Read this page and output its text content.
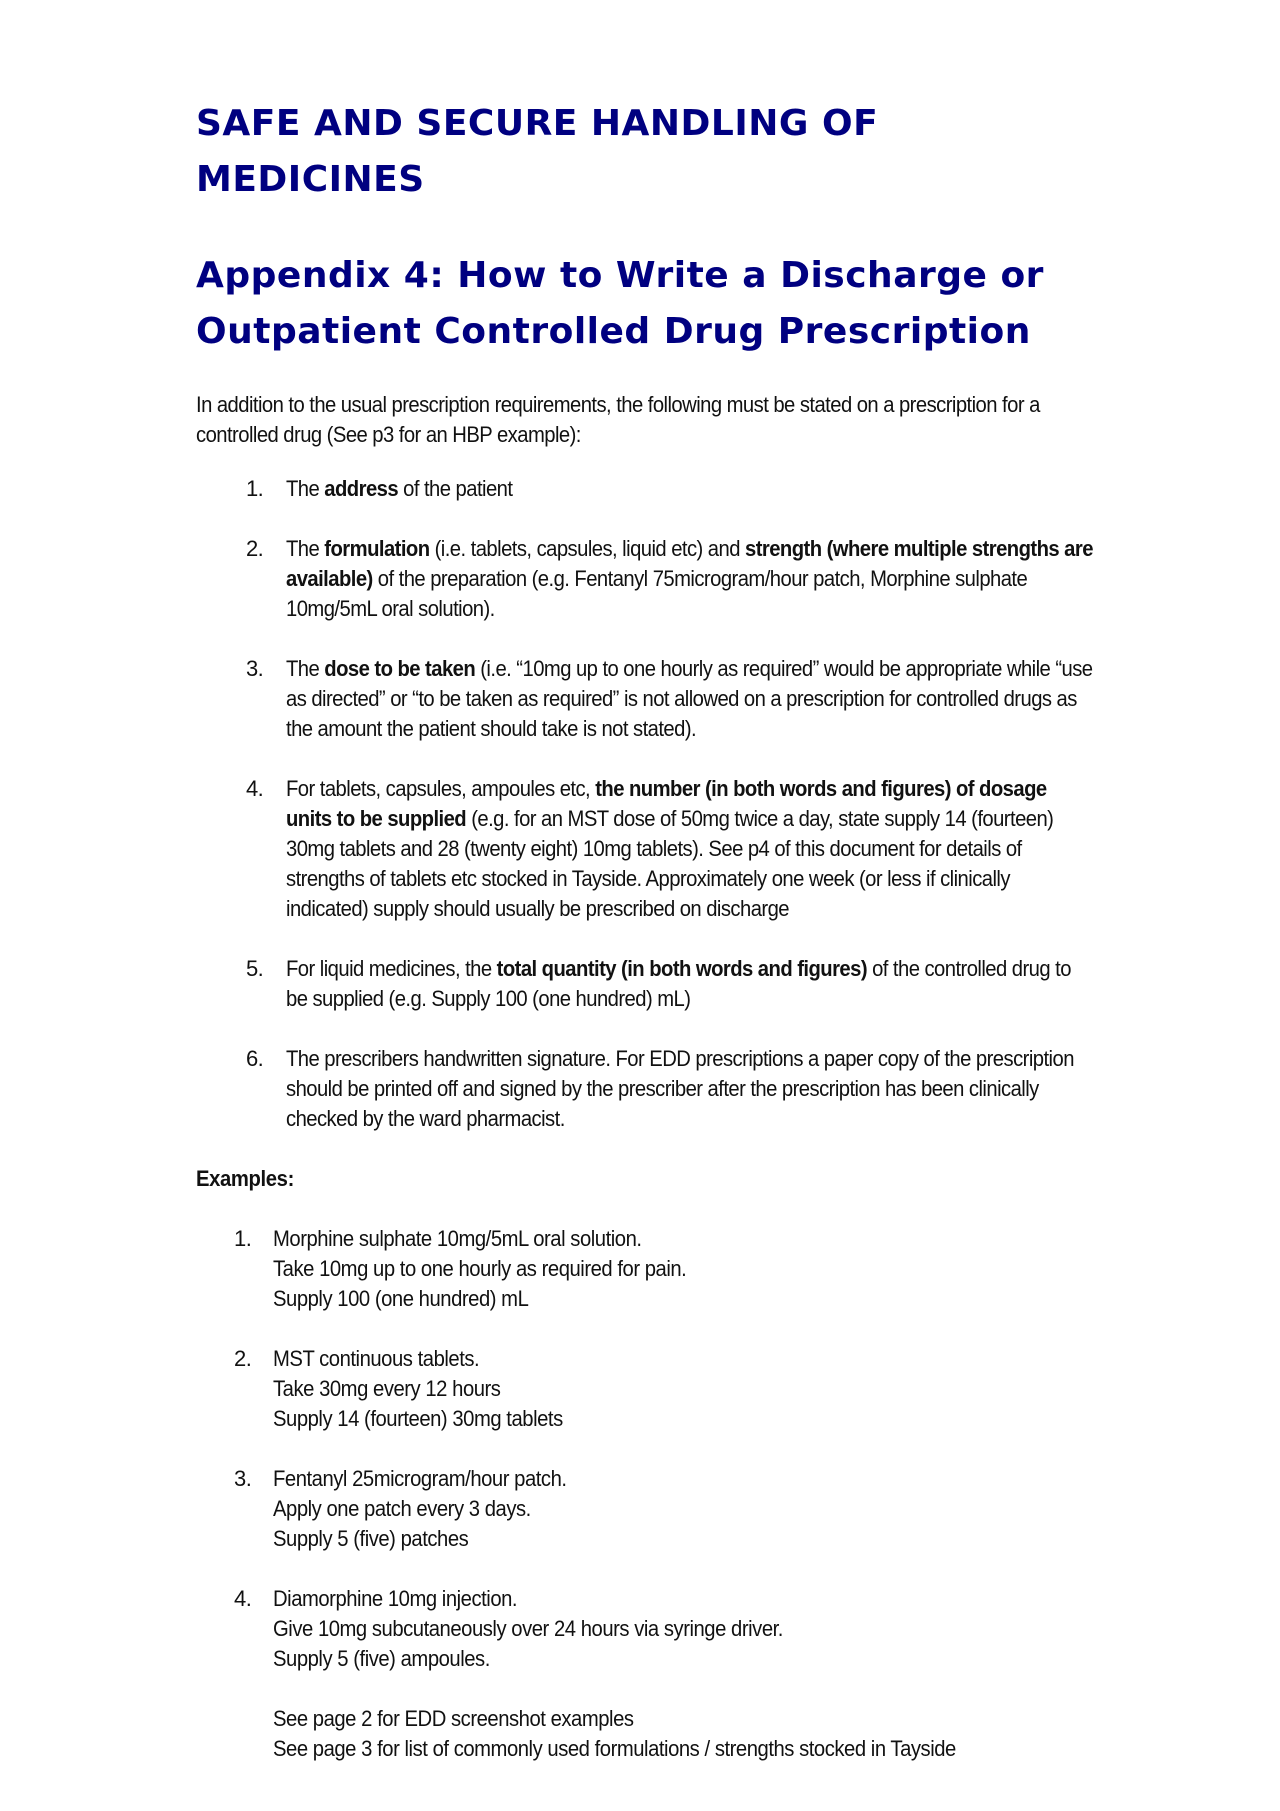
SAFE AND SECURE HANDLING OF MEDICINES
Appendix 4: How to Write a Discharge or Outpatient Controlled Drug Prescription

In addition to the usual prescription requirements, the following must be stated on a prescription for a controlled drug (See p3 for an HBP example):

1. The address of the patient
2. The formulation (i.e. tablets, capsules, liquid etc) and strength (where multiple strengths are available) of the preparation (e.g. Fentanyl 75microgram/hour patch, Morphine sulphate 10mg/5mL oral solution).
3. The dose to be taken (i.e. “10mg up to one hourly as required” would be appropriate while “use as directed” or “to be taken as required” is not allowed on a prescription for controlled drugs as the amount the patient should take is not stated).
4. For tablets, capsules, ampoules etc, the number (in both words and figures) of dosage units to be supplied (e.g. for an MST dose of 50mg twice a day, state supply 14 (fourteen) 30mg tablets and 28 (twenty eight) 10mg tablets). See p4 of this document for details of strengths of tablets etc stocked in Tayside. Approximately one week (or less if clinically indicated) supply should usually be prescribed on discharge
5. For liquid medicines, the total quantity (in both words and figures) of the controlled drug to be supplied (e.g. Supply 100 (one hundred) mL)
6. The prescribers handwritten signature. For EDD prescriptions a paper copy of the prescription should be printed off and signed by the prescriber after the prescription has been clinically checked by the ward pharmacist.
Examples:
1. Morphine sulphate 10mg/5mL oral solution.
Take 10mg up to one hourly as required for pain.
Supply 100 (one hundred) mL
2. MST continuous tablets.
Take 30mg every 12 hours
Supply 14 (fourteen) 30mg tablets
3. Fentanyl 25microgram/hour patch.
Apply one patch every 3 days.
Supply 5 (five) patches
4. Diamorphine 10mg injection.
Give 10mg subcutaneously over 24 hours via syringe driver.
Supply 5 (five) ampoules.
See page 2 for EDD screenshot examples
See page 3 for list of commonly used formulations / strengths stocked in Tayside
